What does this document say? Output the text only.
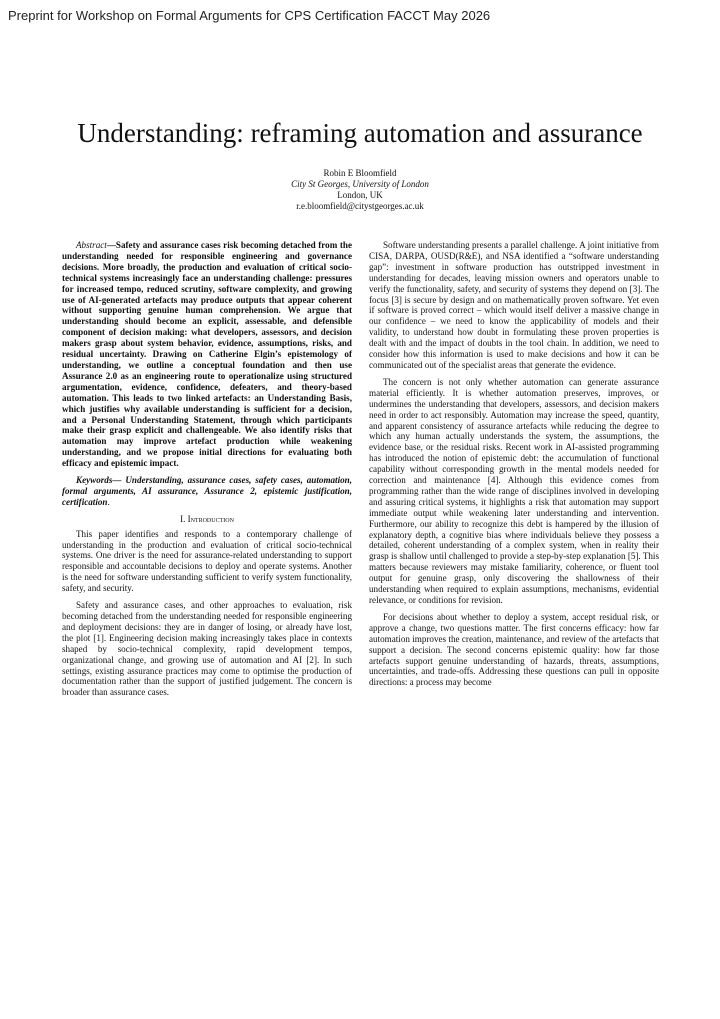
Preprint for Workshop on Formal Arguments for CPS Certification FACCT May 2026
Understanding: reframing automation and assurance
Robin E Bloomfield
City St Georges, University of London
London, UK
r.e.bloomfield@citystgeorges.ac.uk

Abstract—Safety and assurance cases risk becoming detached from the understanding needed for responsible engineering and governance decisions. More broadly, the production and evaluation of critical socio-technical systems increasingly face an understanding challenge: pressures for increased tempo, reduced scrutiny, software complexity, and growing use of AI-generated artefacts may produce outputs that appear coherent without supporting genuine human comprehension. We argue that understanding should become an explicit, assessable, and defensible component of decision making: what developers, assessors, and decision makers grasp about system behavior, evidence, assumptions, risks, and residual uncertainty. Drawing on Catherine Elgin’s epistemology of understanding, we outline a conceptual foundation and then use Assurance 2.0 as an engineering route to operationalize using structured argumentation, evidence, confidence, defeaters, and theory-based automation. This leads to two linked artefacts: an Understanding Basis, which justifies why available understanding is sufficient for a decision, and a Personal Understanding Statement, through which participants make their grasp explicit and challengeable. We also identify risks that automation may improve artefact production while weakening understanding, and we propose initial directions for evaluating both efficacy and epistemic impact.

Keywords— Understanding, assurance cases, safety cases, automation, formal arguments, AI assurance, Assurance 2, epistemic justification, certification.

I. Introduction

This paper identifies and responds to a contemporary challenge of understanding in the production and evaluation of critical socio-technical systems. One driver is the need for assurance-related understanding to support responsible and accountable decisions to deploy and operate systems. Another is the need for software understanding sufficient to verify system functionality, safety, and security.

Safety and assurance cases, and other approaches to evaluation, risk becoming detached from the understanding needed for responsible engineering and deployment decisions: they are in danger of losing, or already have lost, the plot [1]. Engineering decision making increasingly takes place in contexts shaped by socio-technical complexity, rapid development tempos, organizational change, and growing use of automation and AI [2]. In such settings, existing assurance practices may come to optimise the production of documentation rather than the support of justified judgement. The concern is broader than assurance cases.

Software understanding presents a parallel challenge. A joint initiative from CISA, DARPA, OUSD(R&E), and NSA identified a “software understanding gap”: investment in software production has outstripped investment in understanding for decades, leaving mission owners and operators unable to verify the functionality, safety, and security of systems they depend on [3]. The focus [3] is secure by design and on mathematically proven software. Yet even if software is proved correct – which would itself deliver a massive change in our confidence – we need to know the applicability of models and their validity, to understand how doubt in formulating these proven properties is dealt with and the impact of doubts in the tool chain. In addition, we need to consider how this information is used to make decisions and how it can be communicated out of the specialist areas that generate the evidence.

The concern is not only whether automation can generate assurance material efficiently. It is whether automation preserves, improves, or undermines the understanding that developers, assessors, and decision makers need in order to act responsibly. Automation may increase the speed, quantity, and apparent consistency of assurance artefacts while reducing the degree to which any human actually understands the system, the assumptions, the evidence base, or the residual risks. Recent work in AI-assisted programming has introduced the notion of epistemic debt: the accumulation of functional capability without corresponding growth in the mental models needed for correction and maintenance [4]. Although this evidence comes from programming rather than the wide range of disciplines involved in developing and assuring critical systems, it highlights a risk that automation may support immediate output while weakening later understanding and intervention. Furthermore, our ability to recognize this debt is hampered by the illusion of explanatory depth, a cognitive bias where individuals believe they possess a detailed, coherent understanding of a complex system, when in reality their grasp is shallow until challenged to provide a step-by-step explanation [5]. This matters because reviewers may mistake familiarity, coherence, or fluent tool output for genuine grasp, only discovering the shallowness of their understanding when required to explain assumptions, mechanisms, evidential relevance, or conditions for revision.

For decisions about whether to deploy a system, accept residual risk, or approve a change, two questions matter. The first concerns efficacy: how far automation improves the creation, maintenance, and review of the artefacts that support a decision. The second concerns epistemic quality: how far those artefacts support genuine understanding of hazards, threats, assumptions, uncertainties, and trade-offs. Addressing these questions can pull in opposite directions: a process may become
